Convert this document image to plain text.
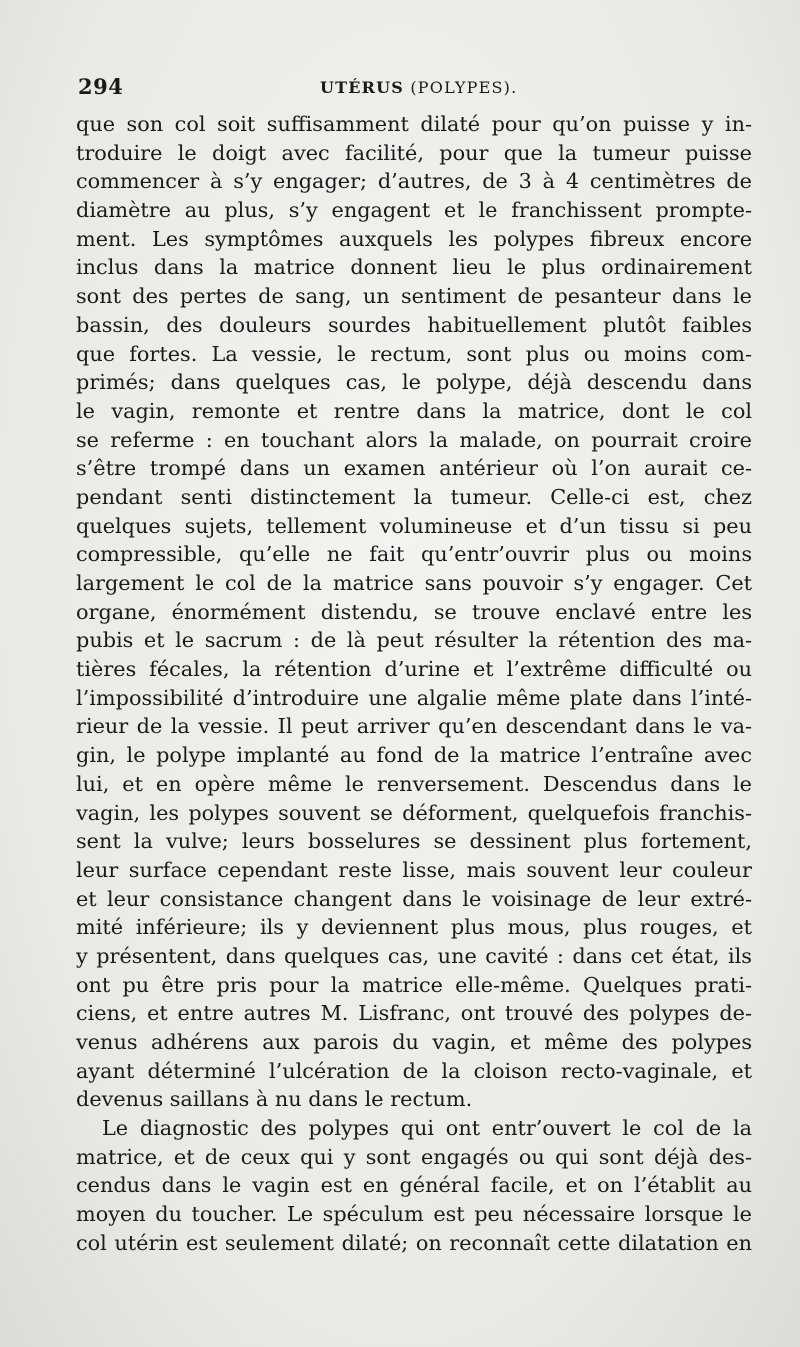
294	UTÉRUS (POLYPES).
que son col soit suffisamment dilaté pour qu’on puisse y in-
troduire le doigt avec facilité, pour que la tumeur puisse
commencer à s’y engager; d’autres, de 3 à 4 centimètres de
diamètre au plus, s’y engagent et le franchissent prompte-
ment. Les symptômes auxquels les polypes fibreux encore
inclus dans la matrice donnent lieu le plus ordinairement
sont des pertes de sang, un sentiment de pesanteur dans le
bassin, des douleurs sourdes habituellement plutôt faibles
que fortes. La vessie, le rectum, sont plus ou moins com-
primés; dans quelques cas, le polype, déjà descendu dans
le vagin, remonte et rentre dans la matrice, dont le col
se referme : en touchant alors la malade, on pourrait croire
s’être trompé dans un examen antérieur où l’on aurait ce-
pendant senti distinctement la tumeur. Celle-ci est, chez
quelques sujets, tellement volumineuse et d’un tissu si peu
compressible, qu’elle ne fait qu’entr’ouvrir plus ou moins
largement le col de la matrice sans pouvoir s’y engager. Cet
organe, énormément distendu, se trouve enclavé entre les
pubis et le sacrum : de là peut résulter la rétention des ma-
tières fécales, la rétention d’urine et l’extrême difficulté ou
l’impossibilité d’introduire une algalie même plate dans l’inté-
rieur de la vessie. Il peut arriver qu’en descendant dans le va-
gin, le polype implanté au fond de la matrice l’entraîne avec
lui, et en opère même le renversement. Descendus dans le
vagin, les polypes souvent se déforment, quelquefois franchis-
sent la vulve; leurs bosselures se dessinent plus fortement,
leur surface cependant reste lisse, mais souvent leur couleur
et leur consistance changent dans le voisinage de leur extré-
mité inférieure; ils y deviennent plus mous, plus rouges, et
y présentent, dans quelques cas, une cavité : dans cet état, ils
ont pu être pris pour la matrice elle-même. Quelques prati-
ciens, et entre autres M. Lisfranc, ont trouvé des polypes de-
venus adhérens aux parois du vagin, et même des polypes
ayant déterminé l’ulcération de la cloison recto-vaginale, et
devenus saillans à nu dans le rectum.
Le diagnostic des polypes qui ont entr’ouvert le col de la
matrice, et de ceux qui y sont engagés ou qui sont déjà des-
cendus dans le vagin est en général facile, et on l’établit au
moyen du toucher. Le spéculum est peu nécessaire lorsque le
col utérin est seulement dilaté; on reconnaît cette dilatation en
